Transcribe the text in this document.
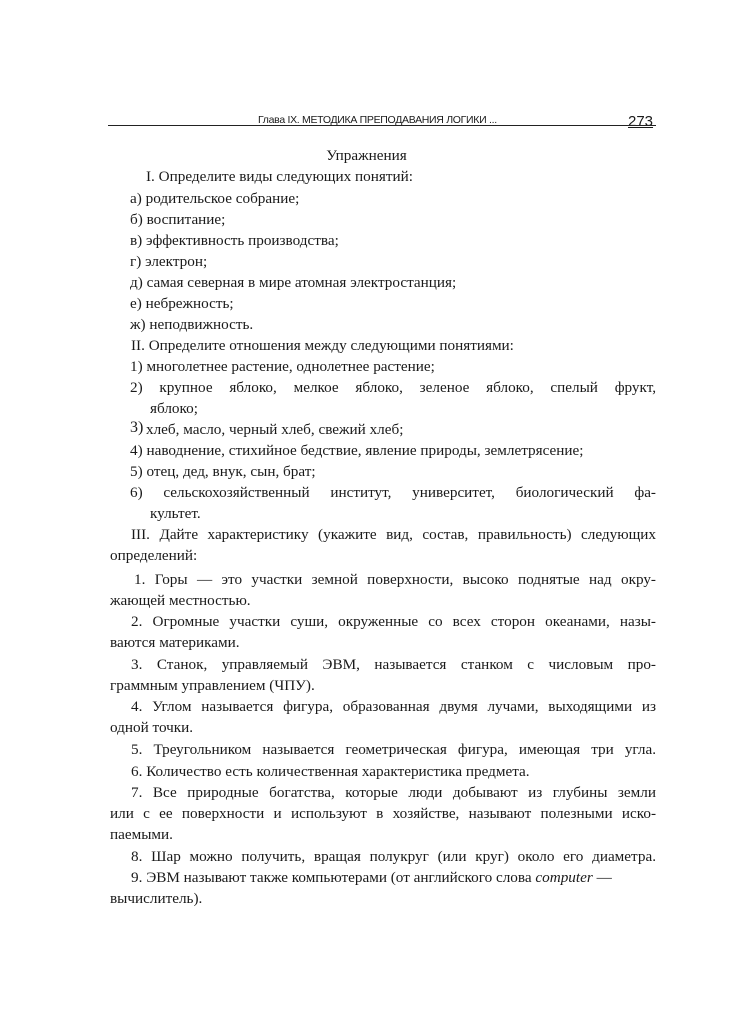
Глава IX. МЕТОДИКА ПРЕПОДАВАНИЯ ЛОГИКИ ...	273
Упражнения
I. Определите виды следующих понятий:
а) родительское собрание;
б) воспитание;
в) эффективность производства;
г) электрон;
д) самая северная в мире атомная электростанция;
е) небрежность;
ж) неподвижность.
II. Определите отношения между следующими понятиями:
1) многолетнее растение, однолетнее растение;
2) крупное яблоко, мелкое яблоко, зеленое яблоко, спелый фрукт,
яблоко;
3) хлеб, масло, черный хлеб, свежий хлеб;
4) наводнение, стихийное бедствие, явление природы, землетрясение;
5) отец, дед, внук, сын, брат;
6) сельскохозяйственный институт, университет, биологический фа-
культет.
III. Дайте характеристику (укажите вид, состав, правильность) следующих
определений:
1. Горы — это участки земной поверхности, высоко поднятые над окру-
жающей местностью.
2. Огромные участки суши, окруженные со всех сторон океанами, назы-
ваются материками.
3. Станок, управляемый ЭВМ, называется станком с числовым про-
граммным управлением (ЧПУ).
4. Углом называется фигура, образованная двумя лучами, выходящими из
одной точки.
5. Треугольником называется геометрическая фигура, имеющая три угла.
6. Количество есть количественная характеристика предмета.
7. Все природные богатства, которые люди добывают из глубины земли
или с ее поверхности и используют в хозяйстве, называют полезными иско-
паемыми.
8. Шар можно получить, вращая полукруг (или круг) около его диаметра.
9. ЭВМ называют также компьютерами (от английского слова computer —
вычислитель).
